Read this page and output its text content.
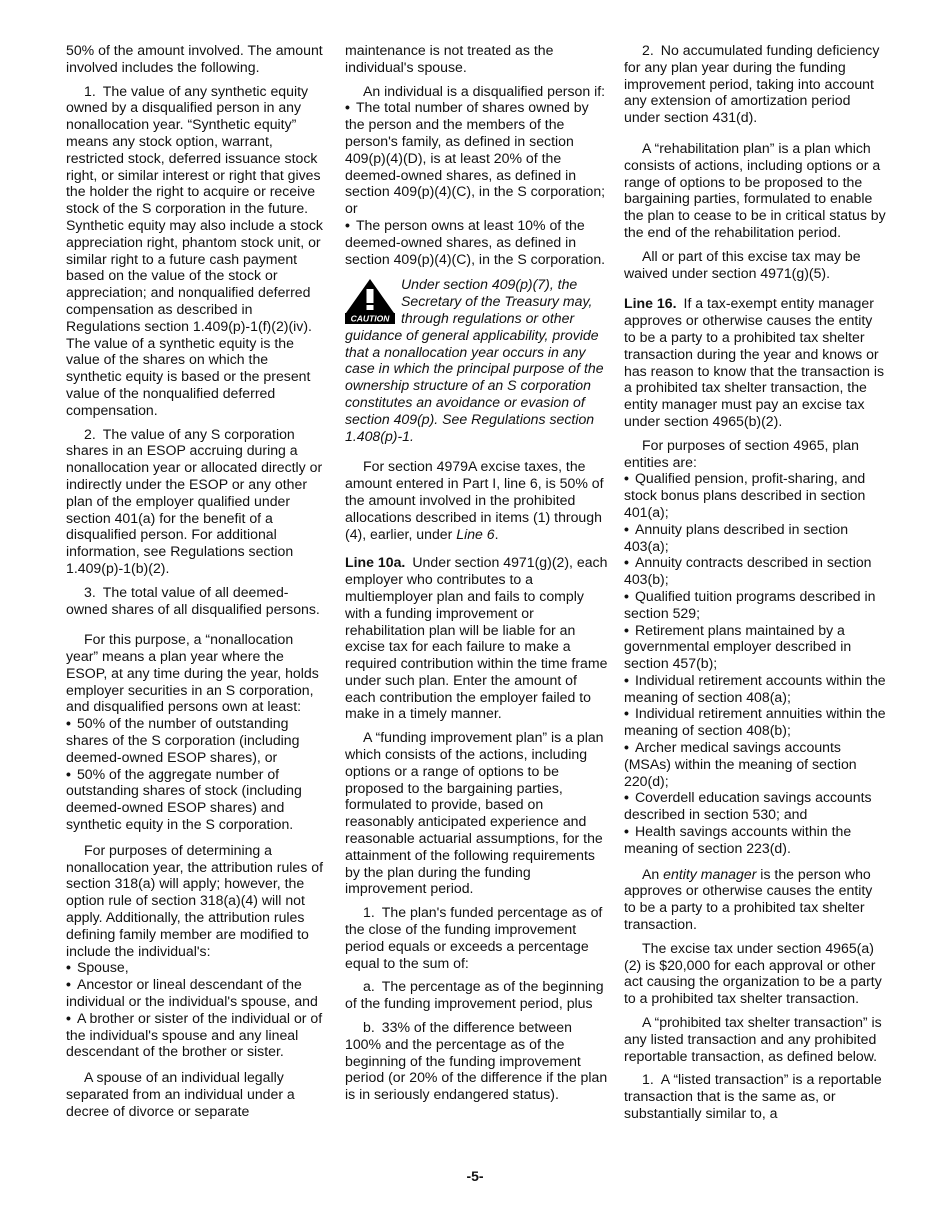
50% of the amount involved. The amount involved includes the following.

1. The value of any synthetic equity owned by a disqualified person in any nonallocation year. “Synthetic equity” means any stock option, warrant, restricted stock, deferred issuance stock right, or similar interest or right that gives the holder the right to acquire or receive stock of the S corporation in the future. Synthetic equity may also include a stock appreciation right, phantom stock unit, or similar right to a future cash payment based on the value of the stock or appreciation; and nonqualified deferred compensation as described in Regulations section 1.409(p)-1(f)(2)(iv). The value of a synthetic equity is the value of the shares on which the synthetic equity is based or the present value of the nonqualified deferred compensation.

2. The value of any S corporation shares in an ESOP accruing during a nonallocation year or allocated directly or indirectly under the ESOP or any other plan of the employer qualified under section 401(a) for the benefit of a disqualified person. For additional information, see Regulations section 1.409(p)-1(b)(2).

3. The total value of all deemed-owned shares of all disqualified persons.

For this purpose, a “nonallocation year” means a plan year where the ESOP, at any time during the year, holds employer securities in an S corporation, and disqualified persons own at least:

• 50% of the number of outstanding shares of the S corporation (including deemed-owned ESOP shares), or

• 50% of the aggregate number of outstanding shares of stock (including deemed-owned ESOP shares) and synthetic equity in the S corporation.

For purposes of determining a nonallocation year, the attribution rules of section 318(a) will apply; however, the option rule of section 318(a)(4) will not apply. Additionally, the attribution rules defining family member are modified to include the individual's:

• Spouse,

• Ancestor or lineal descendant of the individual or the individual's spouse, and

• A brother or sister of the individual or of the individual's spouse and any lineal descendant of the brother or sister.

A spouse of an individual legally separated from an individual under a decree of divorce or separate

maintenance is not treated as the individual's spouse.

An individual is a disqualified person if:

• The total number of shares owned by the person and the members of the person's family, as defined in section 409(p)(4)(D), is at least 20% of the deemed-owned shares, as defined in section 409(p)(4)(C), in the S corporation; or

• The person owns at least 10% of the deemed-owned shares, as defined in section 409(p)(4)(C), in the S corporation.

CAUTION
Under section 409(p)(7), the Secretary of the Treasury may, through regulations or other guidance of general applicability, provide that a nonallocation year occurs in any case in which the principal purpose of the ownership structure of an S corporation constitutes an avoidance or evasion of section 409(p). See Regulations section 1.408(p)-1.

For section 4979A excise taxes, the amount entered in Part I, line 6, is 50% of the amount involved in the prohibited allocations described in items (1) through (4), earlier, under Line 6.

Line 10a. Under section 4971(g)(2), each employer who contributes to a multiemployer plan and fails to comply with a funding improvement or rehabilitation plan will be liable for an excise tax for each failure to make a required contribution within the time frame under such plan. Enter the amount of each contribution the employer failed to make in a timely manner.

A “funding improvement plan” is a plan which consists of the actions, including options or a range of options to be proposed to the bargaining parties, formulated to provide, based on reasonably anticipated experience and reasonable actuarial assumptions, for the attainment of the following requirements by the plan during the funding improvement period.

1. The plan's funded percentage as of the close of the funding improvement period equals or exceeds a percentage equal to the sum of:

a. The percentage as of the beginning of the funding improvement period, plus

b. 33% of the difference between 100% and the percentage as of the beginning of the funding improvement period (or 20% of the difference if the plan is in seriously endangered status).

2. No accumulated funding deficiency for any plan year during the funding improvement period, taking into account any extension of amortization period under section 431(d).

A “rehabilitation plan” is a plan which consists of actions, including options or a range of options to be proposed to the bargaining parties, formulated to enable the plan to cease to be in critical status by the end of the rehabilitation period.

All or part of this excise tax may be waived under section 4971(g)(5).

Line 16. If a tax-exempt entity manager approves or otherwise causes the entity to be a party to a prohibited tax shelter transaction during the year and knows or has reason to know that the transaction is a prohibited tax shelter transaction, the entity manager must pay an excise tax under section 4965(b)(2).

For purposes of section 4965, plan entities are:

• Qualified pension, profit-sharing, and stock bonus plans described in section 401(a);

• Annuity plans described in section 403(a);

• Annuity contracts described in section 403(b);

• Qualified tuition programs described in section 529;

• Retirement plans maintained by a governmental employer described in section 457(b);

• Individual retirement accounts within the meaning of section 408(a);

• Individual retirement annuities within the meaning of section 408(b);

• Archer medical savings accounts (MSAs) within the meaning of section 220(d);

• Coverdell education savings accounts described in section 530; and

• Health savings accounts within the meaning of section 223(d).

An entity manager is the person who approves or otherwise causes the entity to be a party to a prohibited tax shelter transaction.

The excise tax under section 4965(a)(2) is $20,000 for each approval or other act causing the organization to be a party to a prohibited tax shelter transaction.

A “prohibited tax shelter transaction” is any listed transaction and any prohibited reportable transaction, as defined below.

1. A “listed transaction” is a reportable transaction that is the same as, or substantially similar to, a

-5-
